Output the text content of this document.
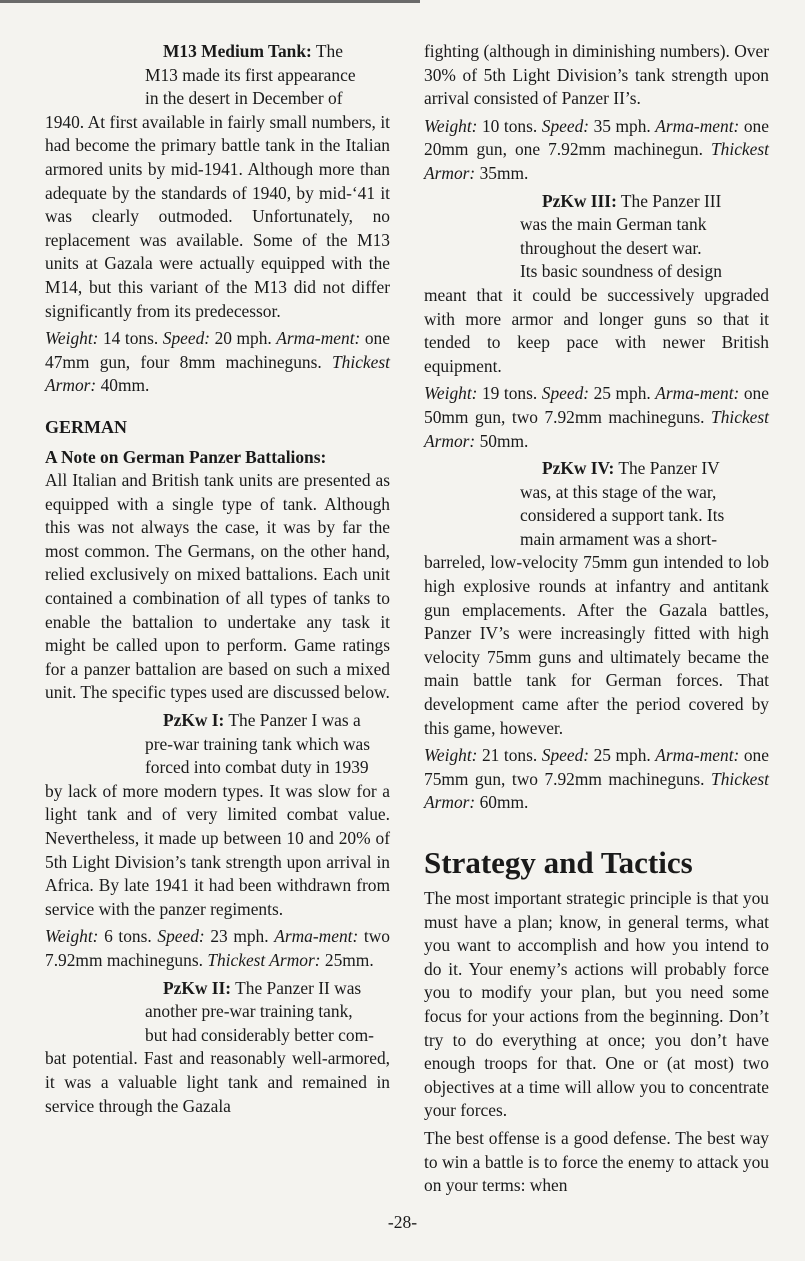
M13 Medium Tank: The
M13 made its first appearance
in the desert in December of

1940. At first available in fairly small numbers, it had become the primary battle tank in the Italian armored units by mid-1941. Although more than adequate by the standards of 1940, by mid-‘41 it was clearly outmoded. Unfortunately, no replacement was available. Some of the M13 units at Gazala were actually equipped with the M14, but this variant of the M13 did not differ significantly from its predecessor.

Weight: 14 tons. Speed: 20 mph. Arma-ment: one 47mm gun, four 8mm machineguns. Thickest Armor: 40mm.

GERMAN

A Note on German Panzer Battalions:

All Italian and British tank units are presented as equipped with a single type of tank. Although this was not always the case, it was by far the most common. The Germans, on the other hand, relied exclusively on mixed battalions. Each unit contained a combination of all types of tanks to enable the battalion to undertake any task it might be called upon to perform. Game ratings for a panzer battalion are based on such a mixed unit. The specific types used are discussed below.

PzKw I: The Panzer I was a
pre-war training tank which was
forced into combat duty in 1939

by lack of more modern types. It was slow for a light tank and of very limited combat value. Nevertheless, it made up between 10 and 20% of 5th Light Division’s tank strength upon arrival in Africa. By late 1941 it had been withdrawn from service with the panzer regiments.

Weight: 6 tons. Speed: 23 mph. Arma-ment: two 7.92mm machineguns. Thickest Armor: 25mm.

PzKw II: The Panzer II was
another pre-war training tank,
but had considerably better com-

bat potential. Fast and reasonably well-armored, it was a valuable light tank and remained in service through the Gazala

fighting (although in diminishing numbers). Over 30% of 5th Light Division’s tank strength upon arrival consisted of Panzer II’s.

Weight: 10 tons. Speed: 35 mph. Arma-ment: one 20mm gun, one 7.92mm machinegun. Thickest Armor: 35mm.

PzKw III: The Panzer III
was the main German tank
throughout the desert war.
Its basic soundness of design

meant that it could be successively upgraded with more armor and longer guns so that it tended to keep pace with newer British equipment.

Weight: 19 tons. Speed: 25 mph. Arma-ment: one 50mm gun, two 7.92mm machineguns. Thickest Armor: 50mm.

PzKw IV: The Panzer IV
was, at this stage of the war,
considered a support tank. Its
main armament was a short-

barreled, low-velocity 75mm gun intended to lob high explosive rounds at infantry and antitank gun emplacements. After the Gazala battles, Panzer IV’s were increasingly fitted with high velocity 75mm guns and ultimately became the main battle tank for German forces. That development came after the period covered by this game, however.

Weight: 21 tons. Speed: 25 mph. Arma-ment: one 75mm gun, two 7.92mm machineguns. Thickest Armor: 60mm.

Strategy and Tactics

The most important strategic principle is that you must have a plan; know, in general terms, what you want to accomplish and how you intend to do it. Your enemy’s actions will probably force you to modify your plan, but you need some focus for your actions from the beginning. Don’t try to do everything at once; you don’t have enough troops for that. One or (at most) two objectives at a time will allow you to concentrate your forces.

The best offense is a good defense. The best way to win a battle is to force the enemy to attack you on your terms: when

-28-
